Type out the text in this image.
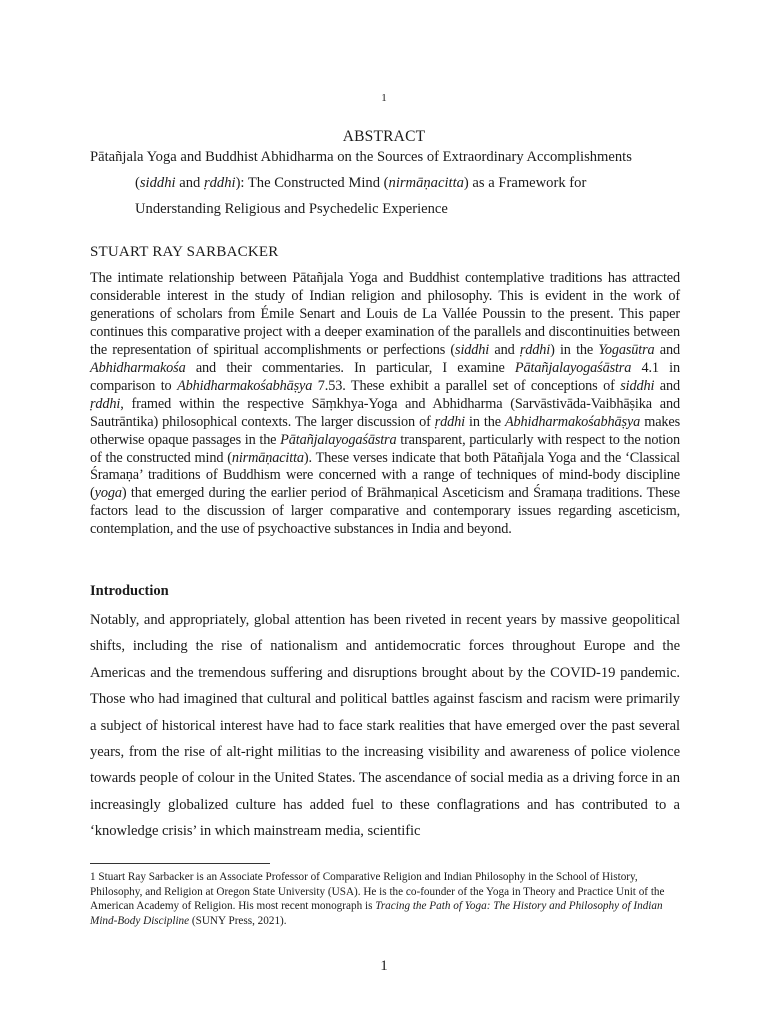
1
ABSTRACT
Pātañjala Yoga and Buddhist Abhidharma on the Sources of Extraordinary Accomplishments
(siddhi and ṛddhi): The Constructed Mind (nirmāṇacitta) as a Framework for
Understanding Religious and Psychedelic Experience
STUART RAY SARBACKER

The intimate relationship between Pātañjala Yoga and Buddhist contemplative traditions has attracted considerable interest in the study of Indian religion and philosophy. This is evident in the work of generations of scholars from Émile Senart and Louis de La Vallée Poussin to the present. This paper continues this comparative project with a deeper examination of the parallels and discontinuities between the representation of spiritual accomplishments or perfections (siddhi and ṛddhi) in the Yogasūtra and Abhidharmakośa and their commentaries. In particular, I examine Pātañjalayogaśāstra 4.1 in comparison to Abhidharmakośabhāṣya 7.53. These exhibit a parallel set of conceptions of siddhi and ṛddhi, framed within the respective Sāṃkhya-Yoga and Abhidharma (Sarvāstivāda-Vaibhāṣika and Sautrāntika) philosophical contexts. The larger discussion of ṛddhi in the Abhidharmakośabhāṣya makes otherwise opaque passages in the Pātañjalayogaśāstra transparent, particularly with respect to the notion of the constructed mind (nirmāṇacitta). These verses indicate that both Pātañjala Yoga and the ‘Classical Śramaṇa’ traditions of Buddhism were concerned with a range of techniques of mind-body discipline (yoga) that emerged during the earlier period of Brāhmaṇical Asceticism and Śramaṇa traditions. These factors lead to the discussion of larger comparative and contemporary issues regarding asceticism, contemplation, and the use of psychoactive substances in India and beyond.

Introduction

Notably, and appropriately, global attention has been riveted in recent years by massive geopolitical shifts, including the rise of nationalism and antidemocratic forces throughout Europe and the Americas and the tremendous suffering and disruptions brought about by the COVID-19 pandemic. Those who had imagined that cultural and political battles against fascism and racism were primarily a subject of historical interest have had to face stark realities that have emerged over the past several years, from the rise of alt-right militias to the increasing visibility and awareness of police violence towards people of colour in the United States. The ascendance of social media as a driving force in an increasingly globalized culture has added fuel to these conflagrations and has contributed to a ‘knowledge crisis’ in which mainstream media, scientific

1 Stuart Ray Sarbacker is an Associate Professor of Comparative Religion and Indian Philosophy in the School of History, Philosophy, and Religion at Oregon State University (USA). He is the co-founder of the Yoga in Theory and Practice Unit of the American Academy of Religion. His most recent monograph is Tracing the Path of Yoga: The History and Philosophy of Indian Mind-Body Discipline (SUNY Press, 2021).

1
